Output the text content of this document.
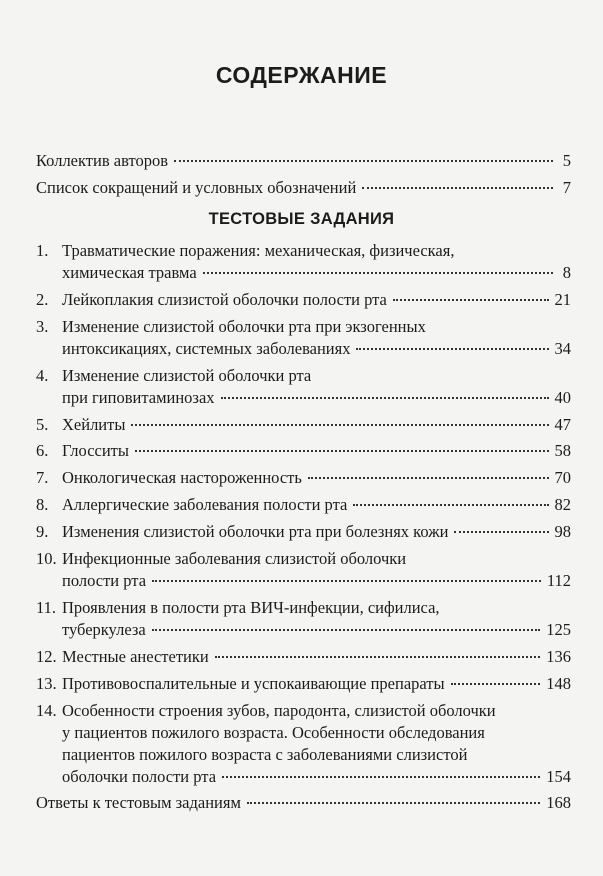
СОДЕРЖАНИЕ
Коллектив авторов	5
Список сокращений и условных обозначений	7
ТЕСТОВЫЕ ЗАДАНИЯ
1. Травматические поражения: механическая, физическая,
химическая травма	8
2. Лейкоплакия слизистой оболочки полости рта	21
3. Изменение слизистой оболочки рта при экзогенных
интоксикациях, системных заболеваниях	34
4. Изменение слизистой оболочки рта
при гиповитаминозах	40
5. Хейлиты	47
6. Глосситы	58
7. Онкологическая настороженность	70
8. Аллергические заболевания полости рта	82
9. Изменения слизистой оболочки рта при болезнях кожи	98
10. Инфекционные заболевания слизистой оболочки
полости рта	112
11. Проявления в полости рта ВИЧ-инфекции, сифилиса,
туберкулеза	125
12. Местные анестетики	136
13. Противовоспалительные и успокаивающие препараты	148
14. Особенности строения зубов, пародонта, слизистой оболочки
у пациентов пожилого возраста. Особенности обследования
пациентов пожилого возраста с заболеваниями слизистой
оболочки полости рта	154
Ответы к тестовым заданиям	168
